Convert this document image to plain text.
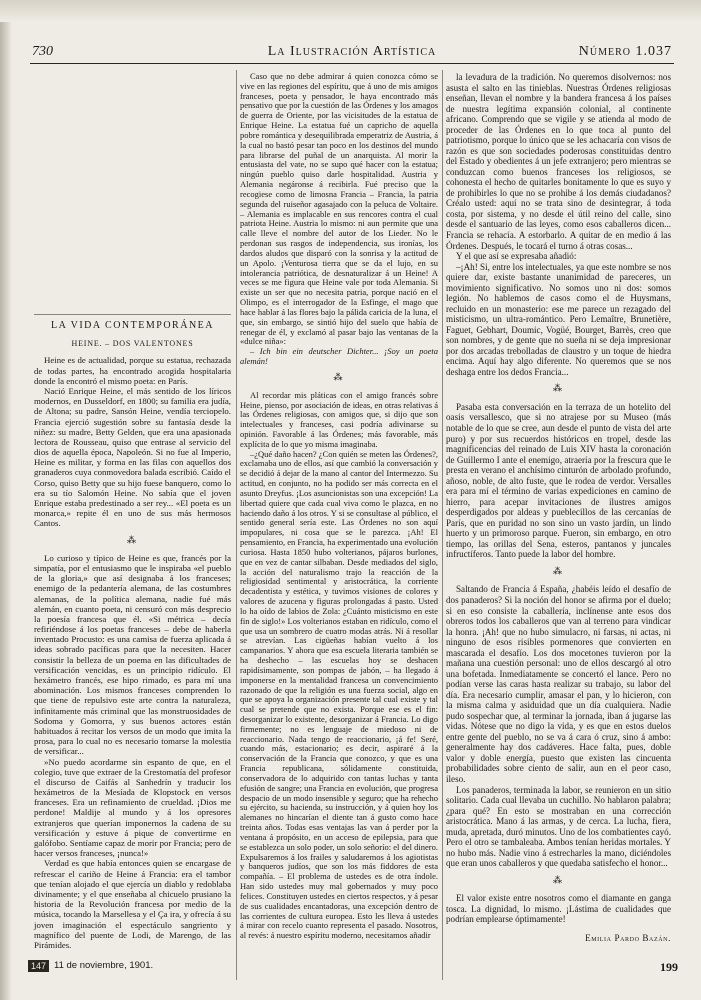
730	La Ilustración Artística	Número 1.037
LA VIDA CONTEMPORÁNEA
HEINE. – DOS VALENTONES

Heine es de actualidad, porque su estatua, rechazada de todas partes, ha encontrado acogida hospitalaria donde la encontró el mismo poeta: en París.

Nació Enrique Heine, el más sentido de los líricos modernos, en Dusseldorf, en 1800; su familia era judía, de Altona; su padre, Sansón Heine, vendía terciopelo. Francia ejerció sugestión sobre su fantasía desde la niñez: su madre, Betty Gelden, que era una apasionada lectora de Rousseau, quiso que entrase al servicio del dios de aquella época, Napoleón. Si no fue al Imperio, Heine es militar, y forma en las filas con aquellos dos granaderos cuya conmovedora balada escribió. Caído el Corso, quiso Betty que su hijo fuese banquero, como lo era su tío Salomón Heine. No sabía que el joven Enrique estaba predestinado a ser rey... «El poeta es un monarca,» repite él en uno de sus más hermosos Cantos.

⁂

Lo curioso y típico de Heine es que, francés por la simpatía, por el entusiasmo que le inspiraba «el pueblo de la gloria,» que así designaba á los franceses; enemigo de la pedantería alemana, de las costumbres alemanas, de la política alemana, nadie fué más alemán, en cuanto poeta, ni censuró con más desprecio la poesía francesa que él. «Si métrica – decía refiriéndose á los poetas franceses – debe de haberla inventado Procusto: es una camisa de fuerza aplicada á ideas sobrado pacíficas para que la necesiten. Hacer consistir la belleza de un poema en las dificultades de versificación vencidas, es un principio ridículo. El hexámetro francés, ese hipo rimado, es para mí una abominación. Los mismos franceses comprenden lo que tiene de repulsivo este arte contra la naturaleza, infinitamente más criminal que las monstruosidades de Sodoma y Gomorra, y sus buenos actores están habituados á recitar los versos de un modo que imita la prosa, para lo cual no es necesario tomarse la molestia de versificar...

»No puedo acordarme sin espanto de que, en el colegio, tuve que extraer de la Crestomatía del profesor el discurso de Caifás al Sanhedrín y traducir los hexámetros de la Mesíada de Klopstock en versos franceses. Era un refinamiento de crueldad. ¡Dios me perdone! Maldije al mundo y á los opresores extranjeros que querían imponernos la cadena de su versificación y estuve á pique de convertirme en galófobo. Sentíame capaz de morir por Francia; pero de hacer versos franceses, ¡nunca!»

Verdad es que había entonces quien se encargase de refrescar el cariño de Heine á Francia: era el tambor que tenían alojado el que ejercía un diablo y redoblaba divinamente; y el que enseñaba al chicuelo prusiano la historia de la Revolución francesa por medio de la música, tocando la Marsellesa y el Ça ira, y ofrecía á su joven imaginación el espectáculo sangriento y magnífico del puente de Lodi, de Marengo, de las Pirámides.

Caso que no debe admirar á quien conozca cómo se vive en las regiones del espíritu, que á uno de mis amigos franceses, poeta y pensador, le haya encontrado más pensativo que por la cuestión de las Órdenes y los amagos de guerra de Oriente, por las vicisitudes de la estatua de Enrique Heine. La estatua fué un capricho de aquella pobre romántica y desequilibrada emperatriz de Austria, á la cual no bastó pesar tan poco en los destinos del mundo para librarse del puñal de un anarquista. Al morir la entusiasta del vate, no se supo qué hacer con la estatua; ningún pueblo quiso darle hospitalidad. Austria y Alemania negáronse á recibirla. Fué preciso que la recogiese como de limosna Francia – Francia, la patria segunda del ruiseñor agasajado con la peluca de Voltaire. – Alemania es implacable en sus rencores contra el cual patriota Heine. Austria lo mismo: ni aun permite que una calle lleve el nombre del autor de los Lieder. No le perdonan sus rasgos de independencia, sus ironías, los dardos aludos que disparó con la sonrisa y la actitud de un Apolo. ¡Venturosa tierra que se da el lujo, en su intolerancia patriótica, de desnaturalizar á un Heine! A veces se me figura que Heine vale por toda Alemania. Si existe un ser que no necesita patria, porque nació en el Olimpo, es el interrogador de la Esfinge, el mago que hace hablar á las flores bajo la pálida caricia de la luna, el que, sin embargo, se sintió hijo del suelo que había de renegar de él, y exclamó al pasar bajo las ventanas de la «dulce niña»:

– Ich bin ein deutscher Dichter... ¡Soy un poeta alemán!

⁂

Al recordar mis pláticas con el amigo francés sobre Heine, pienso, por asociación de ideas, en otras relativas á las Órdenes religiosas, con amigos que, si dijo que son intelectuales y franceses, casi podría adivinarse su opinión. Favorable á las Órdenes; más favorable, más explícita de lo que yo misma imaginaba.

–¿Qué daño hacen? ¿Con quién se meten las Órdenes?, exclamaba uno de ellos, así que cambió la conversación y se decidió á dejar de la mano al cantor del Intermezzo. Su actitud, en conjunto, no ha podido ser más correcta en el asunto Dreyfus. ¡Los asuncionistas son una excepción! La libertad quiere que cada cual viva como le plazca, en no haciendo daño á los otros. Y si se consultase al público, el sentido general sería este. Las Órdenes no son aquí impopulares, ni cosa que se le parezca. ¡Ah! El pensamiento, en Francia, ha experimentado una evolución curiosa. Hasta 1850 hubo volterianos, pájaros burlones, que en vez de cantar silbaban. Desde mediados del siglo, la acción del naturalismo trajo la reacción de la religiosidad sentimental y aristocrática, la corriente decadentista y estética, y tuvimos visiones de colores y valores de azucena y figuras prolongadas á pasto. Usted lo ha oído de labios de Zola: ¿Cuánto misticismo en este fin de siglo!» Los volterianos estaban en ridículo, como el que usa un sombrero de cuatro modas atrás. Ni á resollar se atrevían. Las cigüeñas habían vuelto á los campanarios. Y ahora que esa escuela literaria también se ha deshecho – las escuelas hoy se deshacen rapidísimamente, son pompas de jabón, – ha llegado á imponerse en la mentalidad francesa un convencimiento razonado de que la religión es una fuerza social, algo en que se apoya la organización presente tal cual existe y tal cual se pretende que no exista. Porque ese es el fin: desorganizar lo existente, desorganizar á Francia. Lo digo firmemente; no es lenguaje de miedoso ni de reaccionario. Nada tengo de reaccionario, ¡á fe! Seré, cuando más, estacionario; es decir, aspiraré á la conservación de la Francia que conozco, y que es una Francia republicana, sólidamente constituida, conservadora de lo adquirido con tantas luchas y tanta efusión de sangre; una Francia en evolución, que progresa despacio de un modo insensible y seguro; que ha rehecho su ejército, su hacienda, su instrucción, y á quien hoy los alemanes no hincarían el diente tan á gusto como hace treinta años. Todas esas ventajas las van á perder por la ventana á propósito, en un acceso de epilepsia, para que se establezca un solo poder, un solo señorío: el del dinero. Expulsaremos á los frailes y saludaremos á los agiotistas y banqueros judíos, que son los más fiddores de esta compañía. – El problema de ustedes es de otra índole. Han sido ustedes muy mal gobernados y muy poco felices. Constituyen ustedes en ciertos respectos, y á pesar de sus cualidades encantadoras, una excepción dentro de las corrientes de cultura europea. Esto les lleva á ustedes á mirar con recelo cuanto representa el pasado. Nosotros, al revés: á nuestro espíritu moderno, necesitamos añadir

la levadura de la tradición. No queremos disolvernos: nos asusta el salto en las tinieblas. Nuestras Órdenes religiosas enseñan, llevan el nombre y la bandera francesa á los países de nuestra legítima expansión colonial, al continente africano. Comprendo que se vigile y se atienda al modo de proceder de las Órdenes en lo que toca al punto del patriotismo, porque lo único que se les achacaría con visos de razón es que son sociedades poderosas constituidas dentro del Estado y obedientes á un jefe extranjero; pero mientras se conduzcan como buenos franceses los religiosos, se cohonesta el hecho de quitarles bonitamente lo que es suyo y de prohibirles lo que no se prohibe á los demás ciudadanos? Créalo usted: aquí no se trata sino de desintegrar, á toda costa, por sistema, y no desde el útil reino del calle, sino desde el santuario de las leyes, como esos caballeros dicen... Francia se rehacía. A estorbarlo. A quitar de en medio á las Órdenes. Después, le tocará el turno á otras cosas...

Y el que así se expresaba añadió:

–¡Ah! Si, entre los intelectuales, ya que este nombre se nos quiere dar, existe bastante unanimidad de pareceres, un movimiento significativo. No somos uno ni dos: somos legión. No hablemos de casos como el de Huysmans, recluido en un monasterio: ese me parece un rezagado del misticismo, un ultra-romántico. Pero Lemaître, Brunetière, Faguet, Gebhart, Doumic, Vogüé, Bourget, Barrès, creo que son nombres, y de gente que no sueña ni se deja impresionar por dos arcadas trebolladas de claustro y un toque de hiedra encima. Aquí hay algo diferente. No queremos que se nos deshaga entre los dedos Francia...

⁂

Pasaba esta conversación en la terraza de un hotelito del oasis versallesco, que si no atrajese por su Museo (más notable de lo que se cree, aun desde el punto de vista del arte puro) y por sus recuerdos históricos en tropel, desde las magnificencias del reinado de Luis XIV hasta la coronación de Guillermo I ante el enemigo, atraería por la frescura que le presta en verano el anchísimo cinturón de arbolado profundo, añoso, noble, de alto fuste, que le rodea de verdor. Versalles era para mí el término de varias expediciones en camino de hierro, para acepar invitaciones de ilustres amigos desperdigados por aldeas y pueblecillos de las cercanías de París, que en puridad no son sino un vasto jardín, un lindo huerto y un primoroso parque. Fueron, sin embargo, en otro tiempo, las orillas del Sena, esteros, pantanos y juncales infructíferos. Tanto puede la labor del hombre.

⁂

Saltando de Francia á España, ¿habéis leído el desafío de dos panaderos? Si la noción del honor se afirma por el duelo; si en eso consiste la caballería, inclínense ante esos dos obreros todos los caballeros que van al terreno para vindicar la honra. ¡Ah! que no hubo simulacro, ni farsas, ni actas, ni ninguno de esos risibles pormenores que convierten en mascarada el desafío. Los dos mocetones tuvieron por la mañana una cuestión personal: uno de ellos descargó al otro una bofetada. Inmediatamente se concertó el lance. Pero no podían verse las caras hasta realizar su trabajo, su labor del día. Era necesario cumplir, amasar el pan, y lo hicieron, con la misma calma y asiduidad que un día cualquiera. Nadie pudo sospechar que, al terminar la jornada, iban á jugarse las vidas. Nótese que no digo la vida, y es que en estos duelos entre gente del pueblo, no se va á cara ó cruz, sino á ambo: generalmente hay dos cadáveres. Hace falta, pues, doble valor y doble energía, puesto que existen las cincuenta probabilidades sobre ciento de salir, aun en el peor caso, ileso.

Los panaderos, terminada la labor, se reunieron en un sitio solitario. Cada cual llevaba un cuchillo. No hablaron palabra; ¿para qué? En esto se mostraban en una corrección aristocrática. Mano á las armas, y de cerca. La lucha, fiera, muda, apretada, duró minutos. Uno de los combatientes cayó. Pero el otro se tambaleaba. Ambos tenían heridas mortales. Y no hubo más. Nadie vino á estrecharles la mano, diciéndoles que eran unos caballeros y que quedaba satisfecho el honor...

⁂

El valor existe entre nosotros como el diamante en ganga tosca. La dignidad, lo mismo. ¡Lástima de cualidades que podrían emplearse óptimamente!

Emilia Pardo Bazán.
147 11 de noviembre, 1901.	199
